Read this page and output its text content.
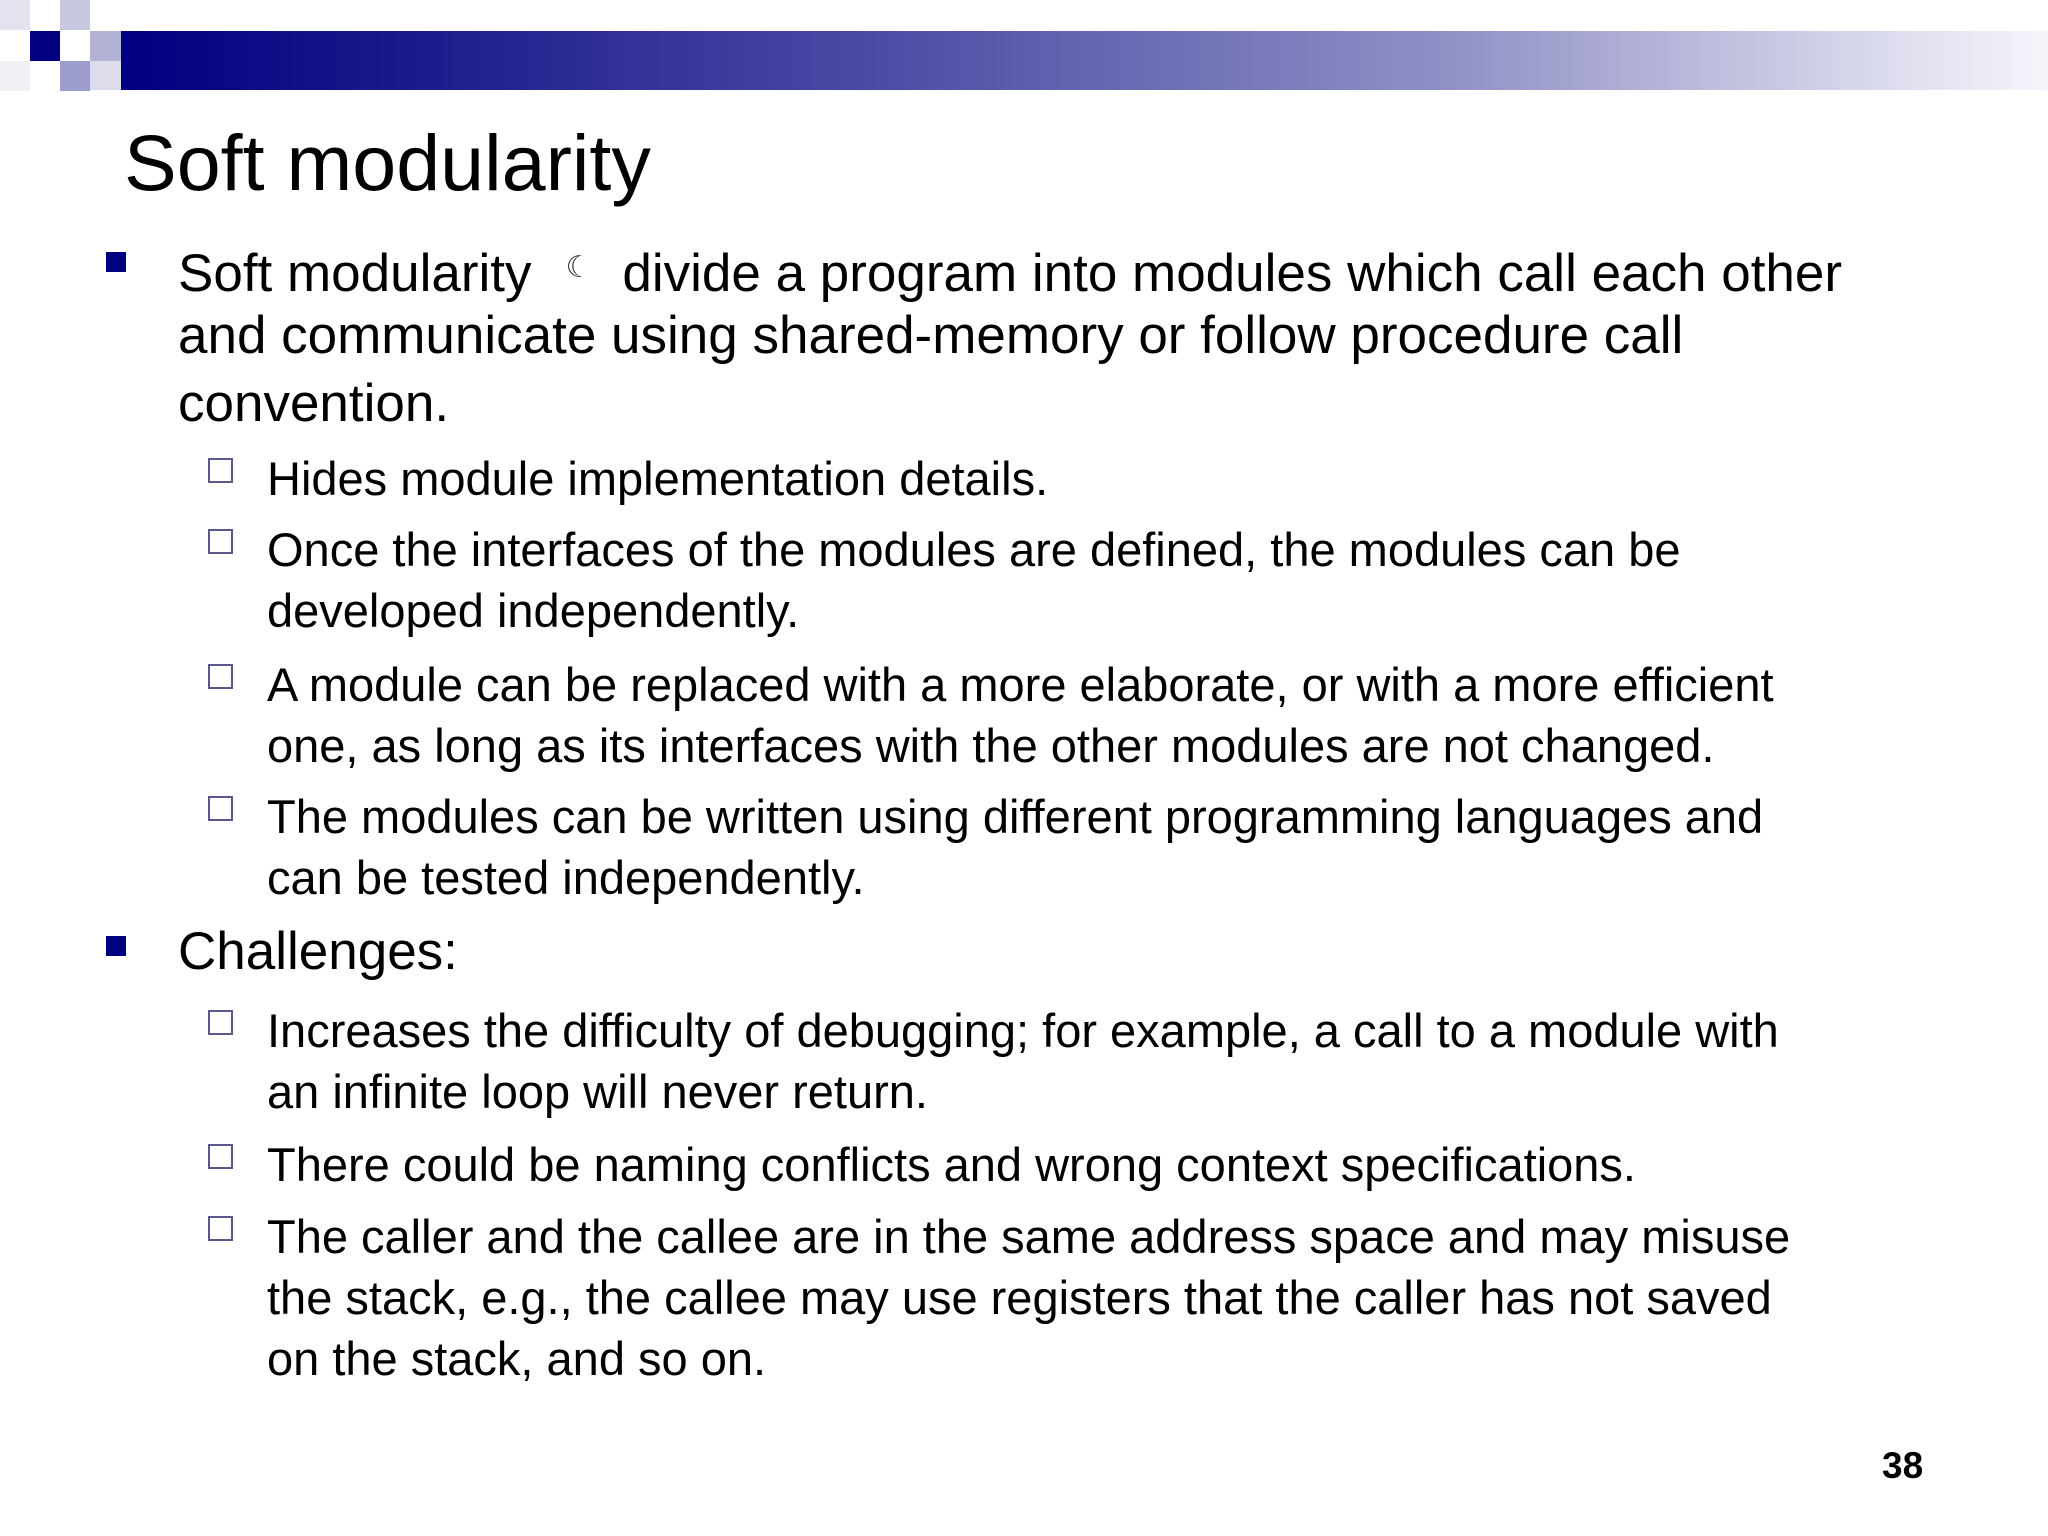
Soft modularity
Soft modularity ☾ divide a program into modules which call each other
and communicate using shared-memory or follow procedure call
convention.
Hides module implementation details.
Once the interfaces of the modules are defined, the modules can be
developed independently.
A module can be replaced with a more elaborate, or with a more efficient
one, as long as its interfaces with the other modules are not changed.
The modules can be written using different programming languages and
can be tested independently.
Challenges:
Increases the difficulty of debugging; for example, a call to a module with
an infinite loop will never return.
There could be naming conflicts and wrong context specifications.
The caller and the callee are in the same address space and may misuse
the stack, e.g., the callee may use registers that the caller has not saved
on the stack, and so on.
38
